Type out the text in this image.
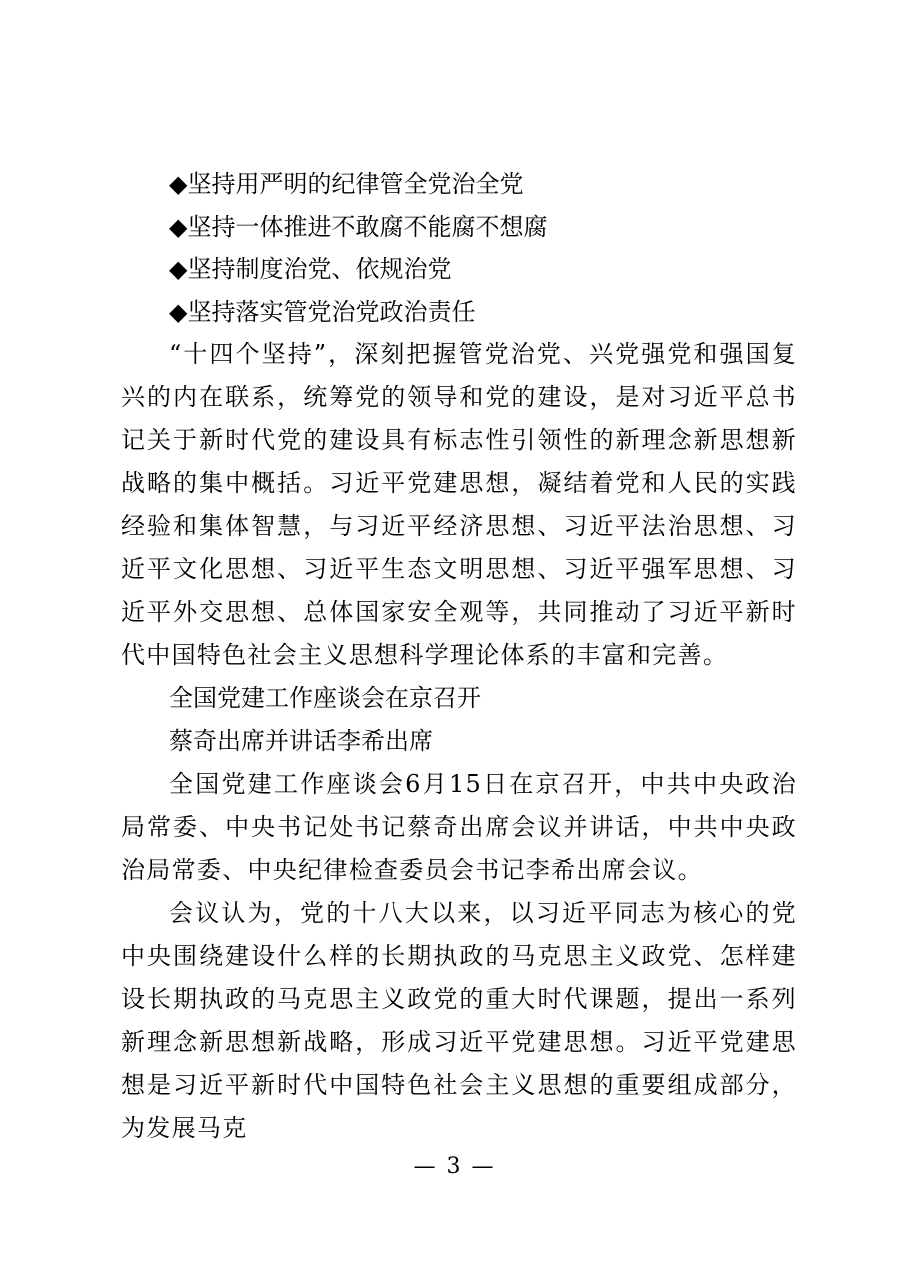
◆坚持用严明的纪律管全党治全党
◆坚持一体推进不敢腐不能腐不想腐
◆坚持制度治党、依规治党
◆坚持落实管党治党政治责任

“十四个坚持”，深刻把握管党治党、兴党强党和强国复兴的内在联系，统筹党的领导和党的建设，是对习近平总书记关于新时代党的建设具有标志性引领性的新理念新思想新战略的集中概括。习近平党建思想，凝结着党和人民的实践经验和集体智慧，与习近平经济思想、习近平法治思想、习近平文化思想、习近平生态文明思想、习近平强军思想、习近平外交思想、总体国家安全观等，共同推动了习近平新时代中国特色社会主义思想科学理论体系的丰富和完善。

全国党建工作座谈会在京召开
蔡奇出席并讲话李希出席

全国党建工作座谈会6月15日在京召开，中共中央政治局常委、中央书记处书记蔡奇出席会议并讲话，中共中央政治局常委、中央纪律检查委员会书记李希出席会议。

会议认为，党的十八大以来，以习近平同志为核心的党中央围绕建设什么样的长期执政的马克思主义政党、怎样建设长期执政的马克思主义政党的重大时代课题，提出一系列新理念新思想新战略，形成习近平党建思想。习近平党建思想是习近平新时代中国特色社会主义思想的重要组成部分，为发展马克

— 3 —
